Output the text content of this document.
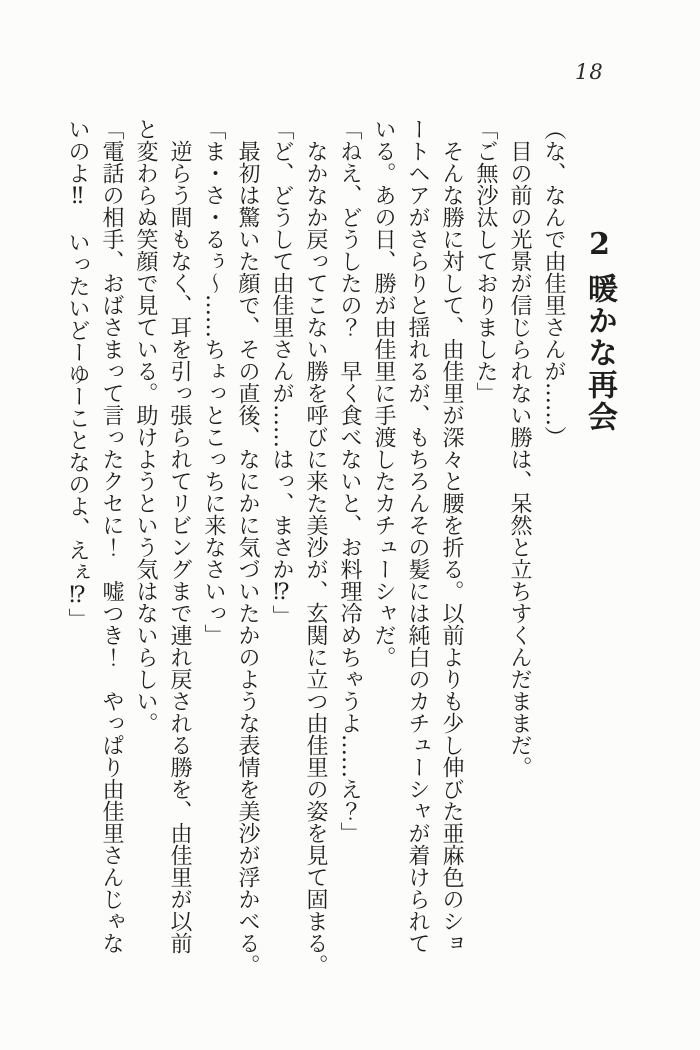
18
2暖かな再会
（な、なんで由佳里さんが……）
目の前の光景が信じられない勝は、呆然と立ちすくんだままだ。
「ご無沙汰しておりました」
そんな勝に対して、由佳里が深々と腰を折る。以前よりも少し伸びた亜麻色のショ
ートヘアがさらりと揺れるが、もちろんその髪には純白のカチューシャが着けられて
いる。あの日、勝が由佳里に手渡したカチューシャだ。
「ねえ、どうしたの？　早く食べないと、お料理冷めちゃうよ……え？」
なかなか戻ってこない勝を呼びに来た美沙が、玄関に立つ由佳里の姿を見て固まる。
「ど、どうして由佳里さんが……はっ、まさか⁉」
最初は驚いた顔で、その直後、なにかに気づいたかのような表情を美沙が浮かべる。
「ま・さ・るぅ～……ちょっとこっちに来なさいっ」
逆らう間もなく、耳を引っ張られてリビングまで連れ戻される勝を、由佳里が以前
と変わらぬ笑顔で見ている。助けようという気はないらしい。
「電話の相手、おばさまって言ったクセに！　嘘つき！　やっぱり由佳里さんじゃな
いのよ‼　いったいどーゆーことなのよ、えぇ⁉」
